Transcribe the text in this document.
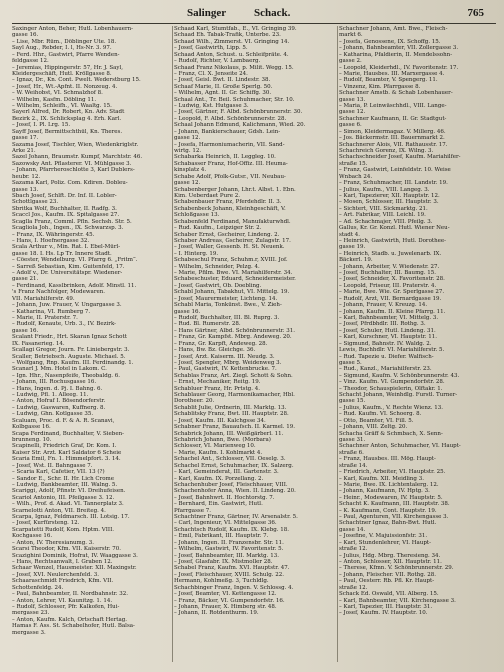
Salinger	Schack.	765
Saxinger Anton, Beher, Hutl. Lobenhauern-
gasse 16.
– Lise, Mbr. Rüm., Döblinger Ute. 18.
Sayl Aug., Rebder, I. l, Hs-Nr. 3. 97.
– Ferd. Hhr., Gastwirt, Pfarre Wenden-
feldgasse 12.
– Jeremias, Hippingerstr. 57, Hr. J. Sayl,
Kleidergeschäft, Hutl. Kröllgasse 8.
– Ignaz, Dr., Kn. Cont. Pwelt. Wederstburg 15.
– Josef, Hr., Wt.-Apfnt. II. Nonzeug. 4.
– W. Weihobst, VI. Schmalzhof 8.
– Wilhelm, Kasfm. Döbling 11.
– Wilhelm, Schleifh., VI. Waaltg. 15.
Sayerl Alfred, Dr. Robert, Kn. Adv. Stadt
Bezirk 2., IX. Schlicksplag 4. Erh. Karl.
– Josef, I. Pl. Lrg. 15.
Sayff Josef, Bermittschthül, Kn. Theres.
gasse 17.
Sazama Josef, Tischler, Wien, Wiedenkriglstr.
Arke 21.
Sazel Johann, Braumstr. Kumpf, Marchtstr. 46.
Sazowsky Ant. Pflasterer. VI. Mühlgasse 3.
– Johann, Pfarrheroschlotte 3, Karl Dublers-
heubr. 12.
Sazama Karl, Poliz. Com. Kdiren. Dobleu-
gasse 13.
Sbach Josef, Schlft. Dr. Inf. II. Lobler-
Schottlgasse 23.
Sbritka Wolf, Buchhalter, II. Radfg. 3.
Scaccl Jos., Kaufm. IX. Spitalgasse 27.
Scaglla Franz, Comml. Pfln. Sechsh. Str. 5.
Scagliola Joh., Ingen., IX. Schwarzsp. 3.
– Franz, IX. Währingerstr. 45.
– Hans, I. Hoefnergasse 32.
Scala Arthur v., Min. Rat. I. Ebel-Mürl-
gasse 18. I. Hs. Lp Tr. Innere Stadt.
– Cöester, Wendelburg. VI. Pfarrg 6. „Fritm“.
– Sarreß Sebastian, Kim. Guitenfeld, 17.
– Adolf v., Dr. Universitätspr. Wiedener-
gasse 21.
– Ferdinand, Kasslbrinken, Adolf. Minstl. 11.
's Franz Nachfolger, Modewaren.
VII. Mariahilferstr. 49.
– Johann, Juw. Frauer, V. Ungargasse 3.
– Katharina, VI. Rumberg 7.
– Marie, II. Praterstr. 7.
– Rudolf, Kenaute, Urb. 3., IV. Bezirk-
gasse 16.
Scalant Friedr., Hrt. Skaran Ignaz Schott
IX. Fasanerieg. 14.
Scallagi Gregor, Journ. Fr. Liniebergstr. 3.
Scaller, Betriebsch. Auguste. Michael. 5.
– Wolfgang, Rnp. Kaufm. III. Ferdinandg. 1.
Scanarl J. Mm. Hotel in Lakom. C.
– Ign. Hhr., Nasenpfeife, Theobaldg. 6.
– Johann, III. Rochusgasse 16.
– Hans, Ingen. d. Pj. I. Bahng. 6.
– Ludwig, Pfl. 1. Alleeg. 11.
– Anton, Hofraf I. Bösendorferstr.
– Ludwig, Gaswaren, Kuffnerg. 8.
– Ludwig, Ghn. Kotlgasse 35.
Scaluam, Proc. d. F. & A. R. Scanavi,
Kolbgasse 16.
Scapa Ferdinand, Buchhalter, V. Sieben-
brunneng. 10.
Scapinelli, Friedrich Graf, Dr. Kom. I.
Kaiser Str. Arzt. Karl Saldator 6 Scheie
Scaria Emil, Fn. 1. Himmelpfort. 3. 14.
– Josef, Wst. II. Bahngasse 7.
– Scaria Karl, Cafetier, VII. 13 (?)
– Sandor E., Schr. II. Hr. Lich Crome
– Ludwig, Bankbeamter, III. Walng. 5.
Scariggi, Adolf, Pfinstr. VI. Dreihufeisen.
Scariol Antonio, III. Pfeilgasse 3. 12.
– Wilh., Prof. d. Akad. VI. Tannerplatz 3.
Scarnelotti Anton, VII. Breiteg. 4.
Scarpa, Ignaz, Feldmarsch. III. Lotsig. 17.
– Josef, Kurfürsteng. 12.
Scarpatetti Rudolf, Kom. Hptm. VIII.
Kochgasse 16.
– Anton, IV. Theresianumg. 3.
Scarsi Theodor, Kfm. VII. Kaiserstr. 70.
Scazighini Dominik, Hofrat, IV. Waaggasse 3.
– Hans, Rechtsanwalt, I. Graben 12.
Schaar Wenzel, Hausmeister. XII. Maxingstr.
– Josef, XVI. Neulerchenfeld. 3.
Schaaraschmidt Friedrich, Kfm. VII.
Schottenfeldg. 24.
– Paul, Bahnbeamter, II. Nordbahnstr. 32.
– Anton, Lehrer, VI. Kaunitzg. 1. 14.
– Rudolf, Schlosser, Pfr. Kalkofen, Hui-
mergasse 23.
– Anton, Kaufm. Kalch, Ortschaft Hertag.
Hamas F. Ass. St. Schabelhofer, Hutl. Balsa-
mergasse 3.
Schaad Karl, Stumtfab., E., VI. Gringing 39.
Schaad Eh. Tabak-Trafik, Unterbe. 23.
Schaad Wilh., Zimmerst. VI. Gringing 14.
– Josef, Gastwirth, Lipp. 5.
Schaad Anton, Schust. u. Schleifpräte. 4.
– Rudolf, Richter, V. Lambaerg.
Schaad Franz Nikolaus, p. Milit. Wegg. 15.
– Franz, Cl. X. Jenseite 24.
– Josef, Geisl. Bwt. II. Lindestr. 38.
Schaaf Marie, II. Große Sperlg. 50.
– Wilhelm, Agnt. II. Gr. Schiffg. 30.
Schaal Ant., Tr. Beil. Schuhmacher, Str. 10.
– Ludwig, Kst. Hutgasse 3.
– Josef, Gärtner, F. Albd. Schönbrunnerstr. 30.
– Leopold, F. Albd. Schönbrunnerstr. 28.
Schaal Johann Edmund, Kalichmann, Wied. 20.
– Johann, Bankierschauer, Gdsh. Lein-
gasse 12.
– Josefa, Harmoniumacherin, VII. Sand-
wirtg. 12.
Schabarka Heinrich, II. Leggleg. 10.
Schabasser Franz, Hof-Offiz. III. Heuma-
kinsplatz 4.
Schabe Adolf, Pfolk-Gutsr., VII. Neubau-
gasse 12.
Schabenberger Johann, Lhr.t. Albst. 1. Ebn.
Kim. Ueberdaet Pure 2.
Schabenbauer Franz, Pferdehdlr. II. 3.
Schabenbeck Johann, Kleinhgeschäft, V.
Schloßgasse 13.
Schabenfeld Ferdinand, Manufakturwhdl.
– Rud. Kaufm., Leipziger Str. 2.
Schaber Ernst, Gscheirer, Lindeng. 2.
Schaber Andreas, Gscheirer, Zulagstr. 17.
– Josef, Waller, Gessenb. H. St. Neuenk.
– I. Hinterg. 19.
Schabeschul Franz, Schuhm.r, XVIII. Jof.
– Wilhelm, Schneider, Pelzg. 4.
– Marie, Pfilm. Bwe. VI. Mariahilferstr. 34.
Schabeschuster, Eduard, Schneidermeister.
– Josef, Gastwirt, Ob. Doebling.
Schabl Johann, Tabakhut, VI. Mittelg. 19.
– Josef, Maurermeister, Lichteng. 14.
Schabl Maria, Tonkünst. Bwe., V. Zieh-
gasse 16.
– Rudolf, Buchhalter, III. Bl. Ruprg. 3.
– Rud. Bl. Rumerstr. 28.
– Hans Gärtner, Albd. Schönbrunnerstr. 31.
– Franz, Gr. Kampfst. Mbrg. Andeweg. 20.
– Franz, Gr. Karpft, Andeweg. 28.
– Hans, Bw. Bz. Gleichge. 36.
– Josef, Arzt. Kaiserm. III. Neudg. 3.
– Josef, Spengler, Mbrg. Weidenweg 3.
– Paul, Gastwirt, IV. Kettenbrucke. 7.
Schablas Franz, Art. Ziegl. Schott & Sohn.
– Ernst, Mechaniker, Reitg. 19.
Schabluer Franz, Hr. Prtstg. 4.
Schablauer Georg, Harmonikamacher, Hbl.
Dorotheer. 20.
Schablit Julie, Ordnerin, III. Marktg. 13.
Schablitsky Franz, Bwt. III. Hauptstr. 28.
– Josef, Kaufm. III. Kalchgsse 34.
Schabner Franz, Bauaufsch. II. Karmel. 19.
Schabrick Johann, III. Weißgärberl. 11.
Schabrich Johann, Bwe. (Morbara)
Schlosser, VI. Marienweg 10.
– Marie, Kaufm. I. Kohlmarkt 4.
Schachel Ant., Schlosser, VII. Oeselg. 3.
Schachel Ernst, Schuhmacher, IX. Salzerg.
– Karl, Gemeinderat, III. Gartenstr. 3.
– Karl, Kaufm. IX. Porzellang. 2.
Schachenhuber Josef, Fleischhauer, VIII.
Schachenhofer Anna, Wien. II. Lindeng. 20.
– Josef, Bahnhwrt. II. Hochtorstg. 7.
– Bernhard, Ein. Gastwirt, Hutl.
Pfarrgasse 7.
Schachtner Franz, Gärtner, IV. Arsenalstr. 5.
– Carl, Ingenieur, VI. Mittelgasse 36.
Schachtsch Rudolf, Kaufm. IX. Klebg. 18.
– Emil, Fabrikant, III. Hauptstr. 7.
– Johann, Ingen. II. Franzensbr. Str. 11.
– Wilhelm, Gastwirt, IV. Favoritenstr. 5.
– Josef, Bahnbeamter, III. Marktg. 13.
– Josef, Glasfabr. IX. Mistmoller 28.
Schabel Franz, Kaufm. XVI. Hauptstr. 47.
– Josef, Fleischhauer, XVIII. Schulg. 22.
Hermann, Kohlmeßg. 3, Tuchldlg.
Schachbinger Franz, Ingen. V. Schlossg. 4.
– Josef, Beamter, VI. Kettengasse 12.
– Franz, Bäcker, VI. Gumpendorfstr. 16.
– Johann, Frauer, X. Himberg str. 48.
– Johann, II. Rotdenthurm. 19.
Schachner Johann, Amt. Bwe., Fleisch-
markt 6.
– Josefa, Genossene, IX. Schoffg. 15.
– Johann, Bahnbeamter, VII. Zollergasse 3.
– Katharina, Pfaldierin, II. Mendelssohn-
gasse 2.
– Leopold, Kleiderhdl., IV. Favoritenstr. 17.
– Marie, Hausbes. III. Marxergasse 4.
– Rudolf, Beamter, V. Spengerg. 11.
– Vinzenz, Kim. Pfarrgasse 8.
Schachner Amstb. & Schab Lobenhauer-
gasse 13.
– Maria, P. Leinwäschhdl., VIII. Lange-
gasse 12.
Schachner Kaufmann, II. Gr. Stadtgut-
gasse 6.
– Simon, Kleidermagaz. V. Millerg. 46.
– Jos. Bäckermstr. III. Bauernmarkt 2.
Schachnerer Alois, VII. Rathausstr. 17.
Schachreich Gorenz, IX. Wilng. 3.
Schachschneider Josef, Kaufm. Mariahilfer-
straße 15.
– Franz, Gastwirt, Leinfeldstr. 10. Weise
Wnbach 24.
– Franz, Schuhmacher, III. Landstr. 19.
– Julius, Kaufm., VIII. Langeg. 3.
– Karl, Tapezierer, XII. Hauptstr. 12.
– Mosen, Schlosser, III. Hauptstr. 3.
– Sichtert, VIII. Sickmarktg. 21.
– Art. Fabrikar, VIII. Leichl. 19.
– Ad. Schachmajer, VIII. Pfeilg. 3.
Gallus, Kr. Gr. Konzl. Hutl. Wiener Neu-
stadt 4.
– Heinrich, Gastwirth, Hutl. Dorothee-
gasse 19.
– Heinrich, Stadb. u. Juwelenarb. IX.
Bäckerl. 19.
– Johann, Arbeiter, V. Wiedenstr. 27.
– Josef, Buchhalter, III. Baumg. 15.
– Josef, Schneider, X. Favoritenstr. 28.
– Leopold, Friseur, III. Praterstr. 4.
– Marie, Bwe. Wie. Gr. Sperlgasse 27.
– Rudolf, Arzt, VII. Bernardgasse 19.
– Johann, Frauer, V. Kreuzg. 14.
– Johann, Kaufm. II. Kleine Pfarrg. 11.
– Karl, Bahnbeamter, VI. Mittelg. 3.
– Josef, Pfrdbhdlr. III. Rothg. 3.
– Josef, Schuler, Hutl. Lindeng. 31.
– Karl, Kurschner, VI. Hauptstr. 11.
– Sigmund, Bahnstr. IV. Waldg. 2.
Lewis, Buchhdlr. VI. Mariahilferstr. 5.
– Rud. Tapezie u. Diefer. Walfisch-
gasse 5.
– Rud., Kanzl., Mariahilferstr. 23.
– Sigmund, Kaufm. V. Schönbrunnerstr. 43.
– Vinz. Kaufm. VI. Gumpendorfstr. 28.
– Theodor, Schauspielerin, Olftakr. 1.
Schacht Johann, Weinhdlg. Furstl. Turner-
gasse 15.
– Julius, Kaufm., V. Rechte Wienz. 13.
– Rud. Kaufm. VI. Schoerg. 8.
– Otto, Beamter, VI. Fill. 5.
– Johann, VIII. Zeltg. 20.
Schacha Gräff & Schmbach, X. Senn-
gasse 31.
Schachner Anton, Schuhmacher, VI. Haupt-
straße 6.
– Franz, Hausbes. III. Mög. Haupt-
straße 14.
– Friedrich, Arbeiter, VI. Hauptstr. 25.
– Karl, Kaufm. XII. Meidling 3.
– Marie, Bwe. IX. Lichtentalerg. 12.
– Johann, Kaufmann, IV. Hptg. 3.
– Heinr., Modewaren, IV. Hauptstr. 5.
Schacht K. Kaufmann, III. Hauptstr. 38.
– K. Kaufmann, Cont. Hauptstr. 19.
– Paul, Agenturen, VII. Kirchengasse 3.
Schachtner Ignaz, Bahn-Bwt. Hutl.
gasse 14.
– Josefine, V. Majuissionfstr. 31.
– Karl, Stundenlehrer, VI. Haupt-
straße 12.
– Julius, Hdg. Mbrg. Theresieng. 34.
– Anton, Schlosser, XII. Hauptstr. 11.
– Therese, Kfmn. V. Schönbrunnerstr. 29.
– Johann, Fleischer. VII. Rothg. 28.
– Paul, Oesterr. Rb. Pfl. Kr. Haupt-
straße 12.
Schack Ed. Oswald, VII. Alberg. 15.
– Karl, Bahnbeamter, VII. Kirchengasse 3.
– Karl, Tapezier, III. Hauptstr. 31.
– Josef, Kaufm. IV. Hauptstr. 10.
